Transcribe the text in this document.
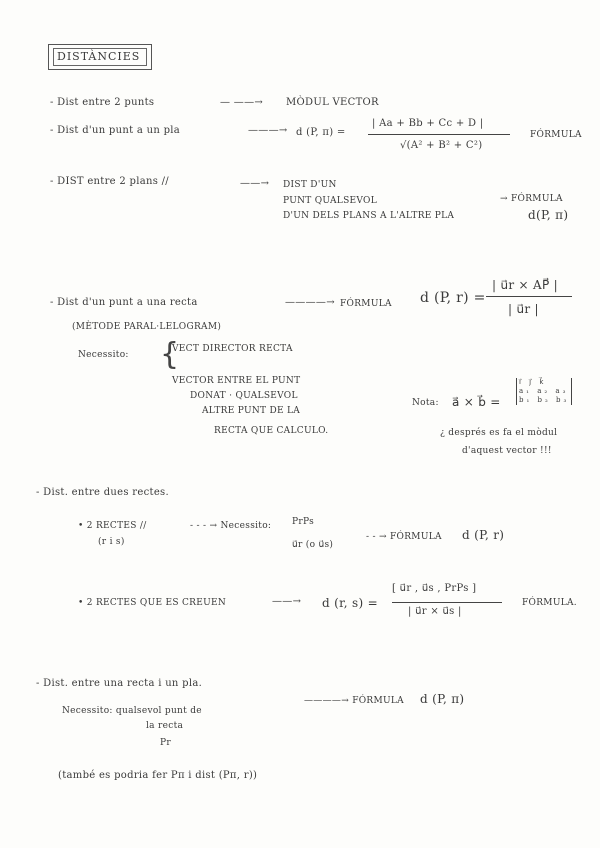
DISTÀNCIES
- Dist entre 2 punts	— ——→ MÒDUL VECTOR
- Dist d'un punt a un pla	———→ d (P, π) =
| Aa + Bb + Cc + D |
√(A² + B² + C²)
FÓRMULA
- DIST entre 2 plans //	——→ DIST D'UN
PUNT QUALSEVOL
D'UN DELS PLANS A L'ALTRE PLA
→ FÓRMULA
d(P, π)
- Dist d'un punt a una recta	————→ FÓRMULA d (P, r) =
| u⃗r × AP⃗ |
| u⃗r |
(MÈTODE PARAL·LELOGRAM)
Necessito: {
VECT DIRECTOR RECTA
VECTOR ENTRE EL PUNT
DONAT · QUALSEVOL
ALTRE PUNT DE LA
RECTA QUE CALCULO.
Nota: a⃗ × b⃗ =
i⃗ j⃗ k⃗
a₁ a₂ a₃
b₁ b₂ b₃
¿ després es fa el mòdul
d'aquest vector !!!
- Dist. entre dues rectes.
• 2 RECTES //
(r i s)
- - - → Necessito: PrPs
u⃗r (o u⃗s)
- - → FÓRMULA d (P, r)
• 2 RECTES QUE ES CREUEN	——→ d (r, s) =
[ u⃗r , u⃗s , PrPs ]
| u⃗r × u⃗s |
FÓRMULA.
- Dist. entre una recta i un pla.
————→ FÓRMULA d (P, π)
Necessito: qualsevol punt de
la recta
Pr
(també es podria fer Pπ i dist (Pπ, r))
